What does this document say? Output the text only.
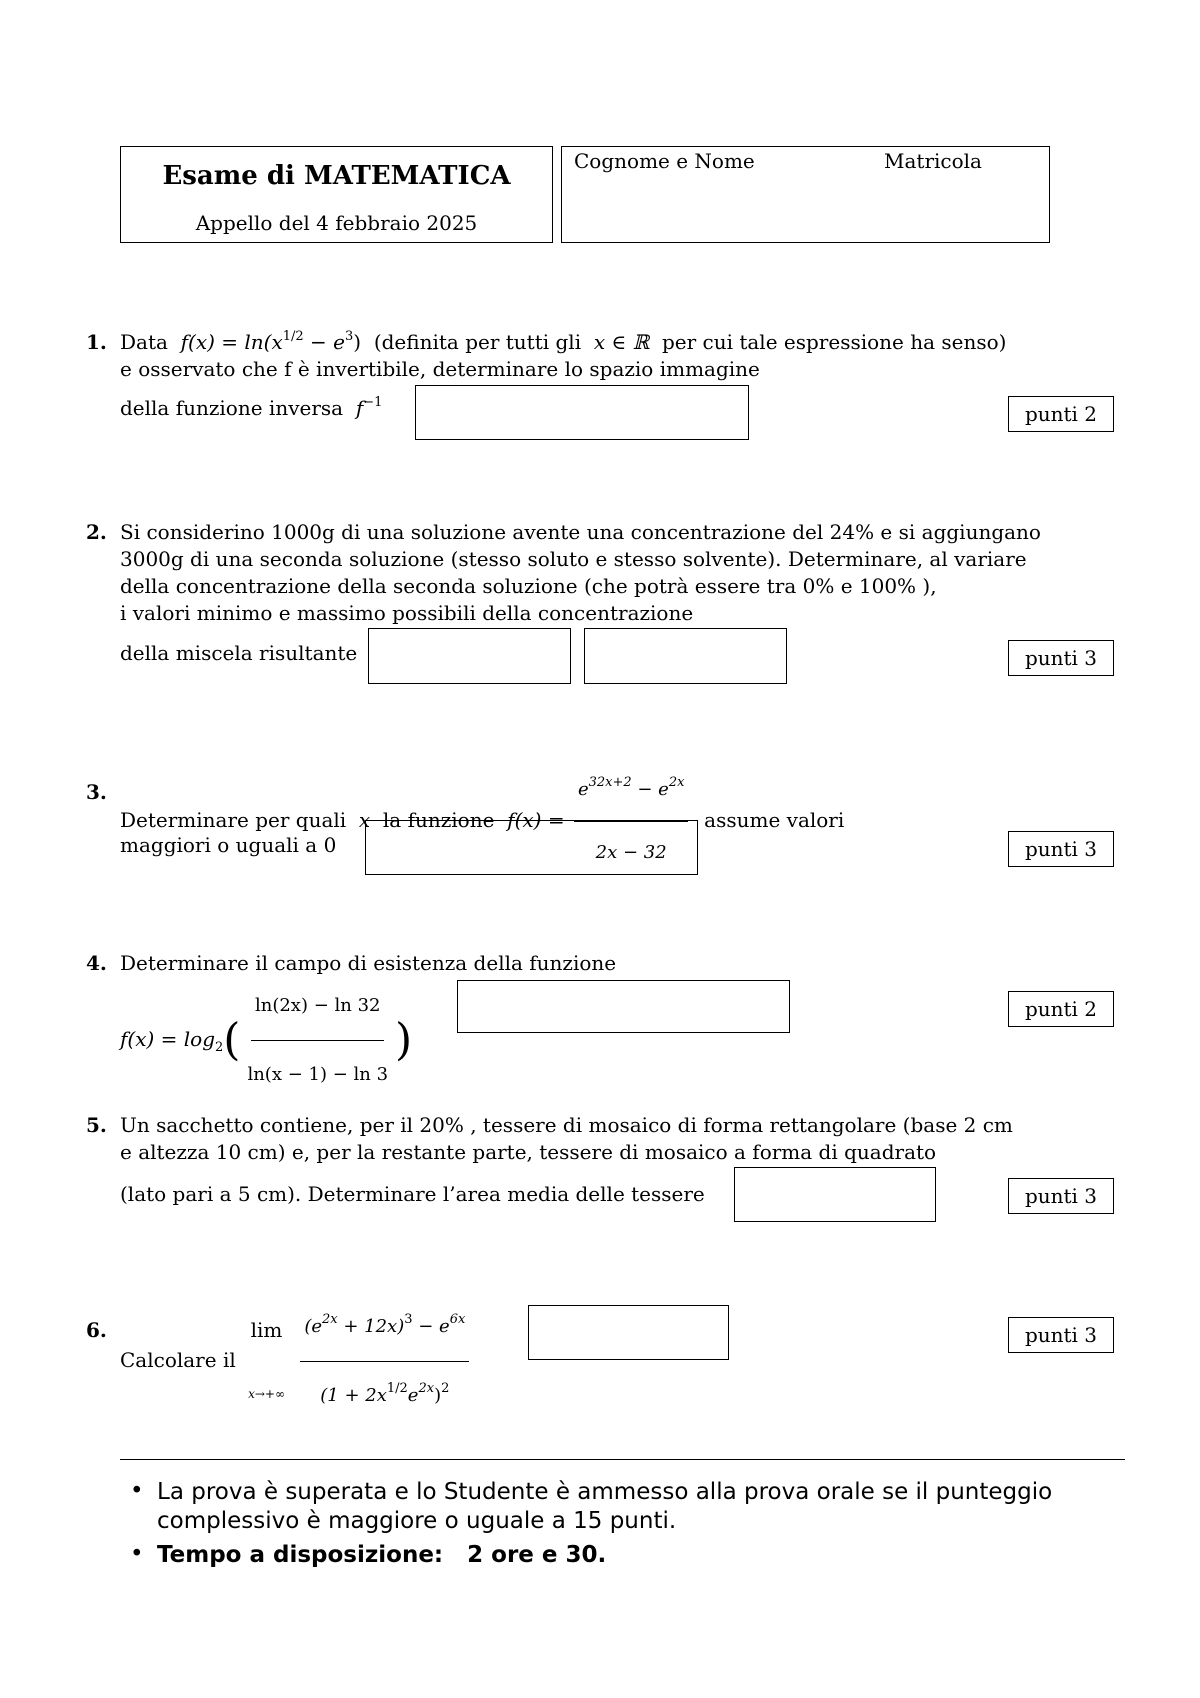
Esame di MATEMATICA
Appello del 4 febbraio 2025
Cognome e Nome	Matricola
1. Data $f(x) = \ln(x^{1/2} - e^3)$ (definita per tutti gli x ∈ ℝ per cui tale espressione ha senso)
e osservato che f è invertibile, determinare lo spazio immagine
della funzione inversa $f^{-1}$	punti 2
2. Si considerino 1000g di una soluzione avente una concentrazione del 24% e si aggiungano
3000g di una seconda soluzione (stesso soluto e stesso solvente). Determinare, al variare
della concentrazione della seconda soluzione (che potrà essere tra 0% e 100% ),
i valori minimo e massimo possibili della concentrazione
della miscela risultante	punti 3
3.
Determinare per quali x la funzione $f(x) = \frac{e^{32x+2} - e^{2x}}{2x - 32}$ assume valori
maggiori o uguali a 0	punti 3
4. Determinare il campo di esistenza della funzione
$f(x) = \log_2( \frac{\ln(2x) - \ln 32}{\ln(x - 1) - \ln 3}$ )
punti 2
5. Un sacchetto contiene, per il 20% , tessere di mosaico di forma rettangolare (base 2 cm
e altezza 10 cm) e, per la restante parte, tessere di mosaico a forma di quadrato
(lato pari a 5 cm). Determinare l’area media delle tessere	punti 3
6.
Calcolare il
lim
x→+∞
$\frac{(e^{2x} + 12x)^3 - e^{6x}}{(1 + 2x^{1/2}e^{2x})^2}$	punti 3
• La prova è superata e lo Studente è ammesso alla prova orale se il punteggio complessivo è maggiore o uguale a 15 punti.
• Tempo a disposizione: 2 ore e 30.
